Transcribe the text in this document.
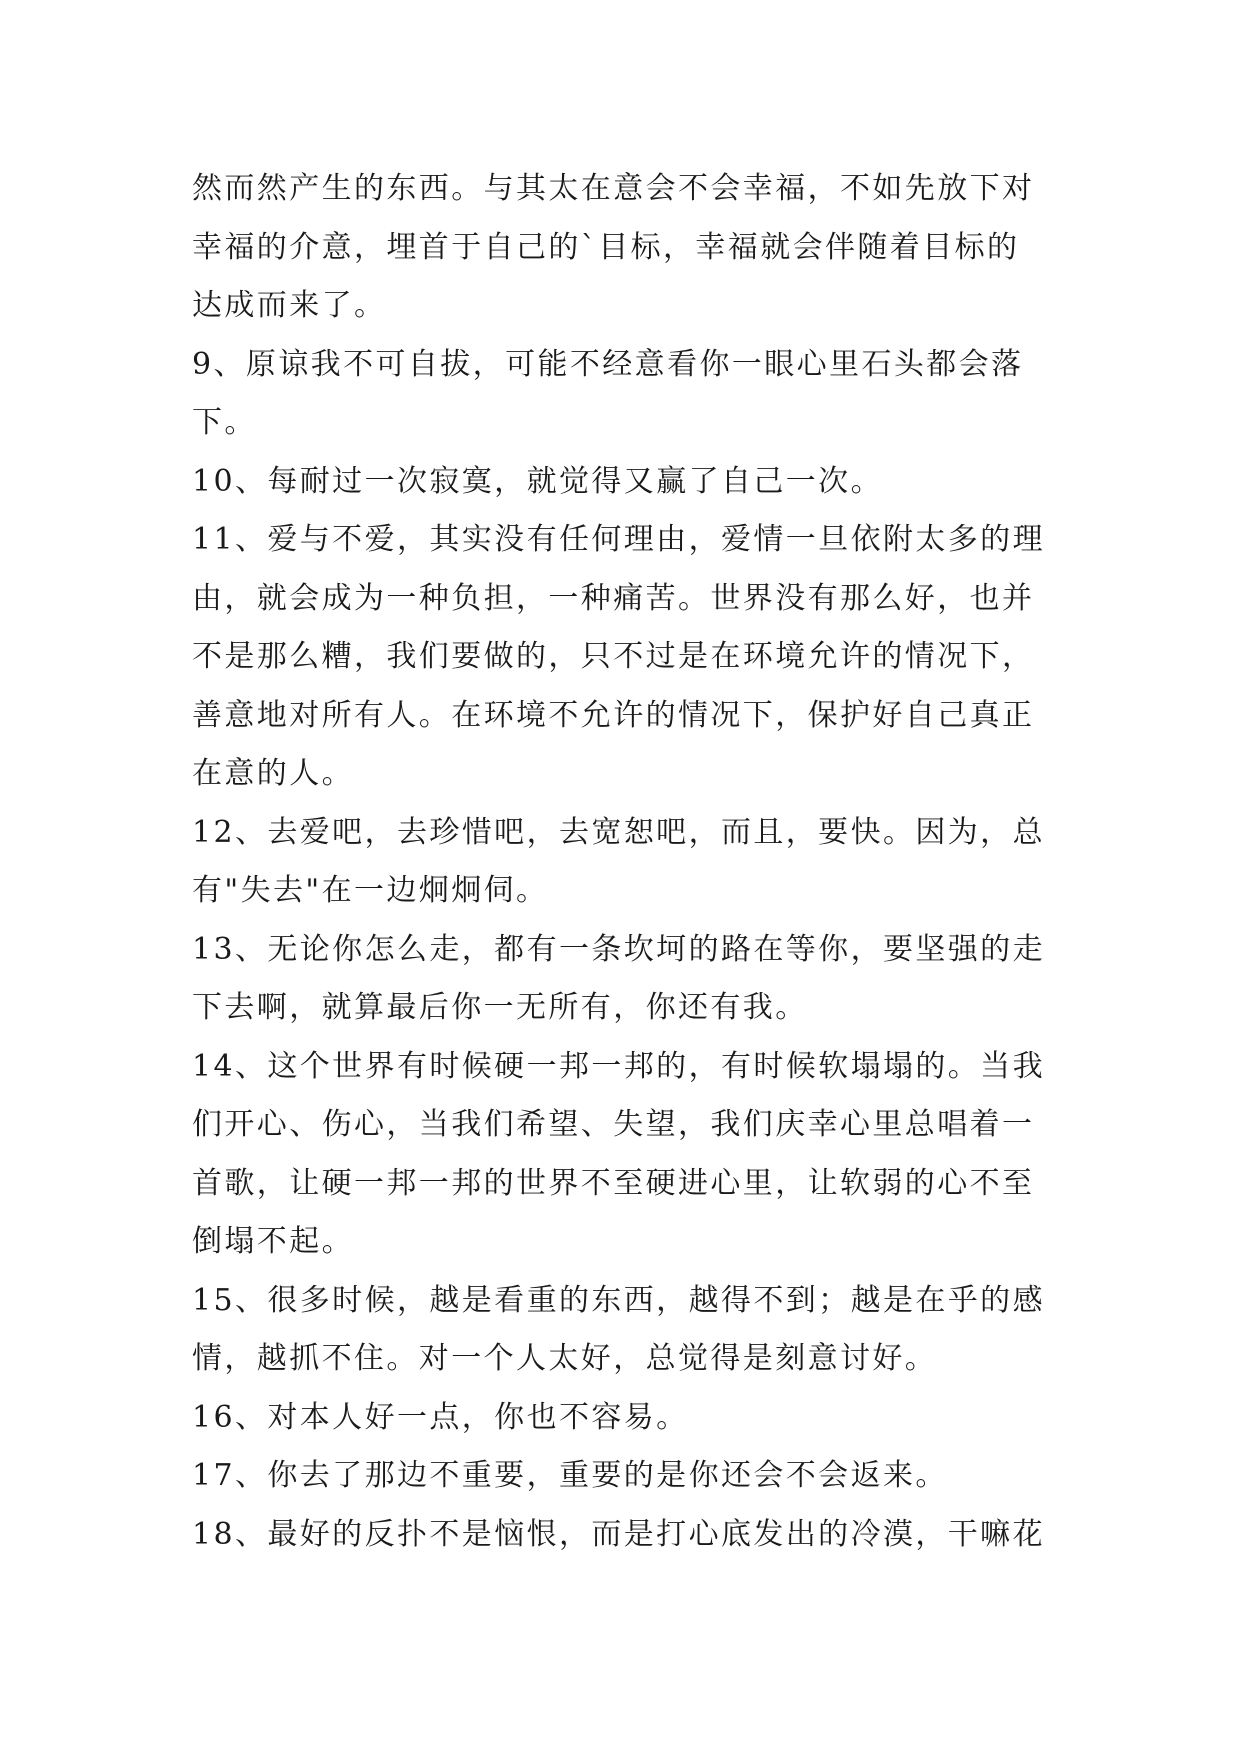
然而然产生的东西。与其太在意会不会幸福，不如先放下对
幸福的介意，埋首于自己的`目标，幸福就会伴随着目标的
达成而来了。
9、原谅我不可自拔，可能不经意看你一眼心里石头都会落
下。
10、每耐过一次寂寞，就觉得又赢了自己一次。
11、爱与不爱，其实没有任何理由，爱情一旦依附太多的理
由，就会成为一种负担，一种痛苦。世界没有那么好，也并
不是那么糟，我们要做的，只不过是在环境允许的情况下，
善意地对所有人。在环境不允许的情况下，保护好自己真正
在意的人。
12、去爱吧，去珍惜吧，去宽恕吧，而且，要快。因为，总
有"失去"在一边炯炯伺。
13、无论你怎么走，都有一条坎坷的路在等你，要坚强的走
下去啊，就算最后你一无所有，你还有我。
14、这个世界有时候硬一邦一邦的，有时候软塌塌的。当我
们开心、伤心，当我们希望、失望，我们庆幸心里总唱着一
首歌，让硬一邦一邦的世界不至硬进心里，让软弱的心不至
倒塌不起。
15、很多时候，越是看重的东西，越得不到；越是在乎的感
情，越抓不住。对一个人太好，总觉得是刻意讨好。
16、对本人好一点，你也不容易。
17、你去了那边不重要，重要的是你还会不会返来。
18、最好的反扑不是恼恨，而是打心底发出的冷漠，干嘛花
